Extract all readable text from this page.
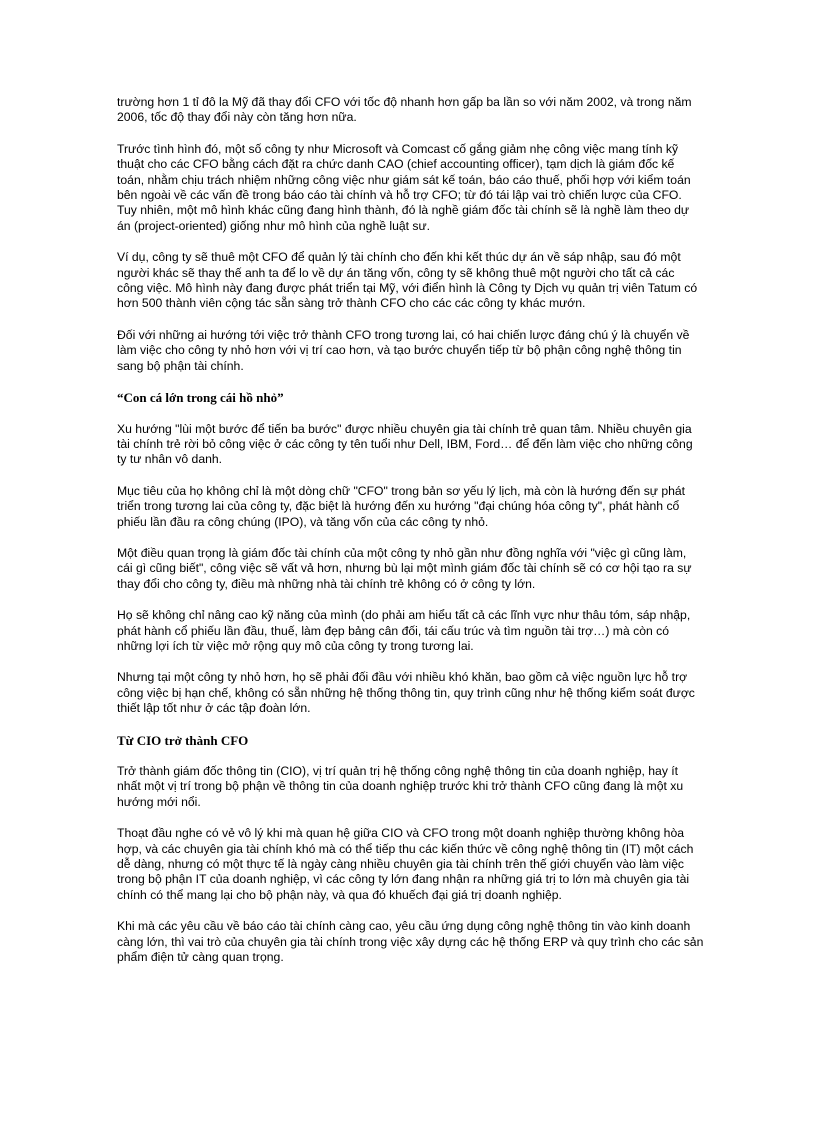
trường hơn 1 tỉ đô la Mỹ đã thay đổi CFO với tốc độ nhanh hơn gấp ba lần so với năm 2002, và trong năm 2006, tốc độ thay đổi này còn tăng hơn nữa.

Trước tình hình đó, một số công ty như Microsoft và Comcast cố gắng giảm nhẹ công việc mang tính kỹ thuật cho các CFO bằng cách đặt ra chức danh CAO (chief accounting officer), tạm dịch là giám đốc kế toán, nhằm chịu trách nhiệm những công việc như giám sát kế toán, báo cáo thuế, phối hợp với kiểm toán bên ngoài về các vấn đề trong báo cáo tài chính và hỗ trợ CFO; từ đó tái lập vai trò chiến lược của CFO. Tuy nhiên, một mô hình khác cũng đang hình thành, đó là nghề giám đốc tài chính sẽ là nghề làm theo dự án (project-oriented) giống như mô hình của nghề luật sư.

Ví dụ, công ty sẽ thuê một CFO để quản lý tài chính cho đến khi kết thúc dự án về sáp nhập, sau đó một người khác sẽ thay thế anh ta để lo về dự án tăng vốn, công ty sẽ không thuê một người cho tất cả các công việc. Mô hình này đang được phát triển tại Mỹ, với điển hình là Công ty Dịch vụ quản trị viên Tatum có hơn 500 thành viên cộng tác sẵn sàng trở thành CFO cho các các công ty khác mướn.

Đối với những ai hướng tới việc trở thành CFO trong tương lai, có hai chiến lược đáng chú ý là chuyển về làm việc cho công ty nhỏ hơn với vị trí cao hơn, và tạo bước chuyển tiếp từ bộ phận công nghệ thông tin sang bộ phận tài chính.

“Con cá lớn trong cái hồ nhỏ”

Xu hướng "lùi một bước để tiến ba bước" được nhiều chuyên gia tài chính trẻ quan tâm. Nhiều chuyên gia tài chính trẻ rời bỏ công việc ở các công ty tên tuổi như Dell, IBM, Ford… để đến làm việc cho những công ty tư nhân vô danh.

Mục tiêu của họ không chỉ là một dòng chữ "CFO" trong bản sơ yếu lý lịch, mà còn là hướng đến sự phát triển trong tương lai của công ty, đặc biệt là hướng đến xu hướng "đại chúng hóa công ty", phát hành cổ phiếu lần đầu ra công chúng (IPO), và tăng vốn của các công ty nhỏ.

Một điều quan trọng là giám đốc tài chính của một công ty nhỏ gần như đồng nghĩa với "việc gì cũng làm, cái gì cũng biết", công việc sẽ vất vả hơn, nhưng bù lại một mình giám đốc tài chính sẽ có cơ hội tạo ra sự thay đổi cho công ty, điều mà những nhà tài chính trẻ không có ở công ty lớn.

Họ sẽ không chỉ nâng cao kỹ năng của mình (do phải am hiểu tất cả các lĩnh vực như thâu tóm, sáp nhập, phát hành cổ phiếu lần đầu, thuế, làm đẹp bảng cân đối, tái cấu trúc và tìm nguồn tài trợ…) mà còn có những lợi ích từ việc mở rộng quy mô của công ty trong tương lai.

Nhưng tại một công ty nhỏ hơn, họ sẽ phải đối đầu với nhiều khó khăn, bao gồm cả việc nguồn lực hỗ trợ công việc bị hạn chế, không có sẵn những hệ thống thông tin, quy trình cũng như hệ thống kiểm soát được thiết lập tốt như ở các tập đoàn lớn.

Từ CIO trở thành CFO

Trở thành giám đốc thông tin (CIO), vị trí quản trị hệ thống công nghệ thông tin của doanh nghiệp, hay ít nhất một vị trí trong bộ phận về thông tin của doanh nghiệp trước khi trở thành CFO cũng đang là một xu hướng mới nổi.

Thoạt đầu nghe có vẻ vô lý khi mà quan hệ giữa CIO và CFO trong một doanh nghiệp thường không hòa hợp, và các chuyên gia tài chính khó mà có thể tiếp thu các kiến thức về công nghệ thông tin (IT) một cách dễ dàng, nhưng có một thực tế là ngày càng nhiều chuyên gia tài chính trên thế giới chuyển vào làm việc trong bộ phận IT của doanh nghiệp, vì các công ty lớn đang nhận ra những giá trị to lớn mà chuyên gia tài chính có thể mang lại cho bộ phận này, và qua đó khuếch đại giá trị doanh nghiệp.

Khi mà các yêu cầu về báo cáo tài chính càng cao, yêu cầu ứng dụng công nghệ thông tin vào kinh doanh càng lớn, thì vai trò của chuyên gia tài chính trong việc xây dựng các hệ thống ERP và quy trình cho các sản phẩm điện tử càng quan trọng.
